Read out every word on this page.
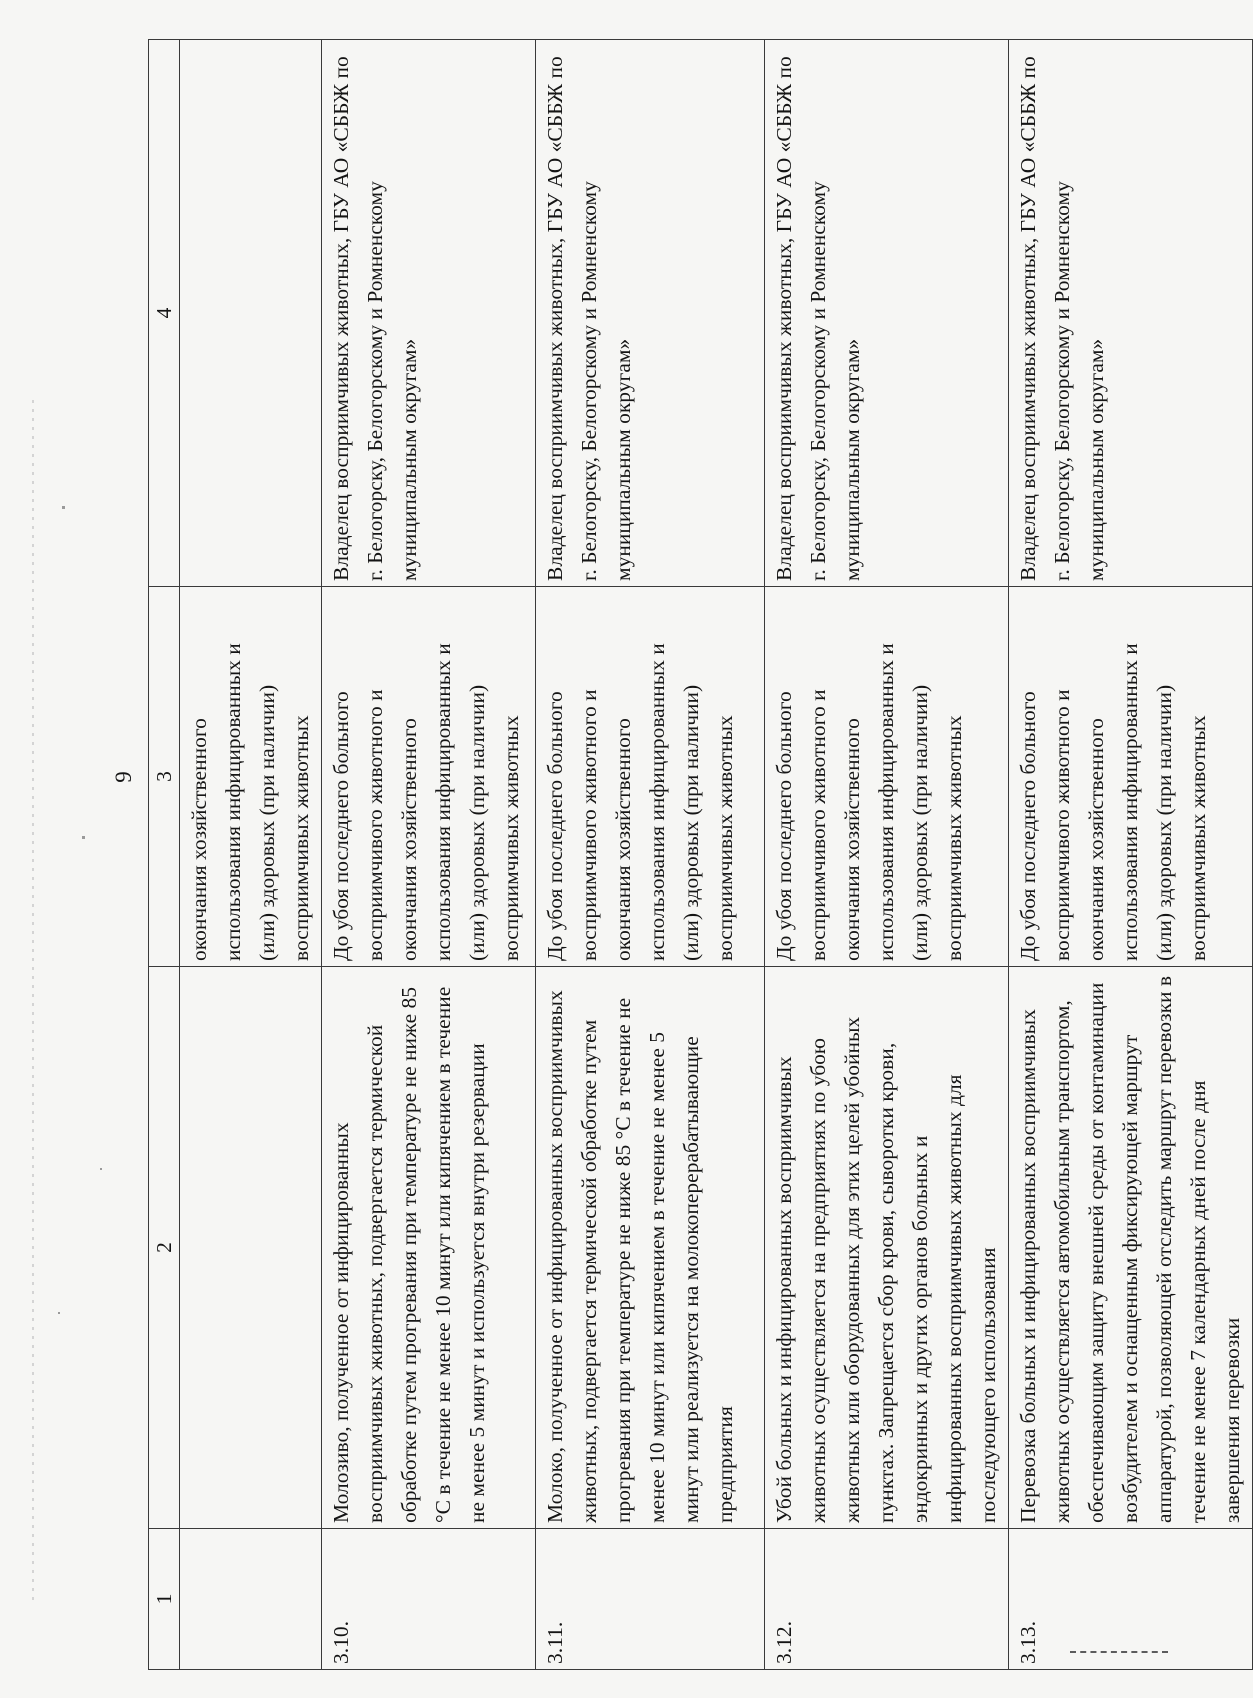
9
1	2	3	4
		окончания хозяйственного использования инфицированных и (или) здоровых (при наличии) восприимчивых животных	
3.10.	Молозиво, полученное от инфицированных восприимчивых животных, подвергается термической обработке путем прогревания при температуре не ниже 85 °С в течение не менее 10 минут или кипячением в течение не менее 5 минут и используется внутри резервации	До убоя последнего больного восприимчивого животного и окончания хозяйственного использования инфицированных и (или) здоровых (при наличии) восприимчивых животных	Владелец восприимчивых животных, ГБУ АО «СББЖ по г. Белогорску, Белогорскому и Ромненскому муниципальным округам»
3.11.	Молоко, полученное от инфицированных восприимчивых животных, подвергается термической обработке путем прогревания при температуре не ниже 85 °С в течение не менее 10 минут или кипячением в течение не менее 5 минут или реализуется на молокоперерабатывающие предприятия	До убоя последнего больного восприимчивого животного и окончания хозяйственного использования инфицированных и (или) здоровых (при наличии) восприимчивых животных	Владелец восприимчивых животных, ГБУ АО «СББЖ по г. Белогорску, Белогорскому и Ромненскому муниципальным округам»
3.12.	Убой больных и инфицированных восприимчивых животных осуществляется на предприятиях по убою животных или оборудованных для этих целей убойных пунктах. Запрещается сбор крови, сыворотки крови, эндокринных и других органов больных и инфицированных восприимчивых животных для последующего использования	До убоя последнего больного восприимчивого животного и окончания хозяйственного использования инфицированных и (или) здоровых (при наличии) восприимчивых животных	Владелец восприимчивых животных, ГБУ АО «СББЖ по г. Белогорску, Белогорскому и Ромненскому муниципальным округам»
3.13.	Перевозка больных и инфицированных восприимчивых животных осуществляется автомобильным транспортом, обеспечивающим защиту внешней среды от контаминации возбудителем и оснащенным фиксирующей маршрут аппаратурой, позволяющей отследить маршрут перевозки в течение не менее 7 календарных дней после дня завершения перевозки	До убоя последнего больного восприимчивого животного и окончания хозяйственного использования инфицированных и (или) здоровых (при наличии) восприимчивых животных	Владелец восприимчивых животных, ГБУ АО «СББЖ по г. Белогорску, Белогорскому и Ромненскому муниципальным округам»
